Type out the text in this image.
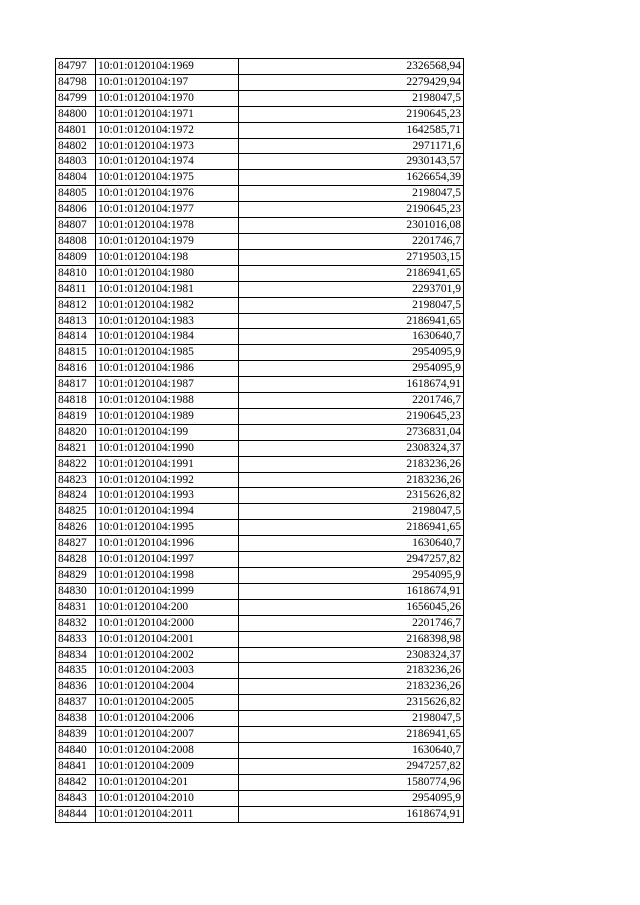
84797	10:01:0120104:1969	2326568,94
84798	10:01:0120104:197	2279429,94
84799	10:01:0120104:1970	2198047,5
84800	10:01:0120104:1971	2190645,23
84801	10:01:0120104:1972	1642585,71
84802	10:01:0120104:1973	2971171,6
84803	10:01:0120104:1974	2930143,57
84804	10:01:0120104:1975	1626654,39
84805	10:01:0120104:1976	2198047,5
84806	10:01:0120104:1977	2190645,23
84807	10:01:0120104:1978	2301016,08
84808	10:01:0120104:1979	2201746,7
84809	10:01:0120104:198	2719503,15
84810	10:01:0120104:1980	2186941,65
84811	10:01:0120104:1981	2293701,9
84812	10:01:0120104:1982	2198047,5
84813	10:01:0120104:1983	2186941,65
84814	10:01:0120104:1984	1630640,7
84815	10:01:0120104:1985	2954095,9
84816	10:01:0120104:1986	2954095,9
84817	10:01:0120104:1987	1618674,91
84818	10:01:0120104:1988	2201746,7
84819	10:01:0120104:1989	2190645,23
84820	10:01:0120104:199	2736831,04
84821	10:01:0120104:1990	2308324,37
84822	10:01:0120104:1991	2183236,26
84823	10:01:0120104:1992	2183236,26
84824	10:01:0120104:1993	2315626,82
84825	10:01:0120104:1994	2198047,5
84826	10:01:0120104:1995	2186941,65
84827	10:01:0120104:1996	1630640,7
84828	10:01:0120104:1997	2947257,82
84829	10:01:0120104:1998	2954095,9
84830	10:01:0120104:1999	1618674,91
84831	10:01:0120104:200	1656045,26
84832	10:01:0120104:2000	2201746,7
84833	10:01:0120104:2001	2168398,98
84834	10:01:0120104:2002	2308324,37
84835	10:01:0120104:2003	2183236,26
84836	10:01:0120104:2004	2183236,26
84837	10:01:0120104:2005	2315626,82
84838	10:01:0120104:2006	2198047,5
84839	10:01:0120104:2007	2186941,65
84840	10:01:0120104:2008	1630640,7
84841	10:01:0120104:2009	2947257,82
84842	10:01:0120104:201	1580774,96
84843	10:01:0120104:2010	2954095,9
84844	10:01:0120104:2011	1618674,91
